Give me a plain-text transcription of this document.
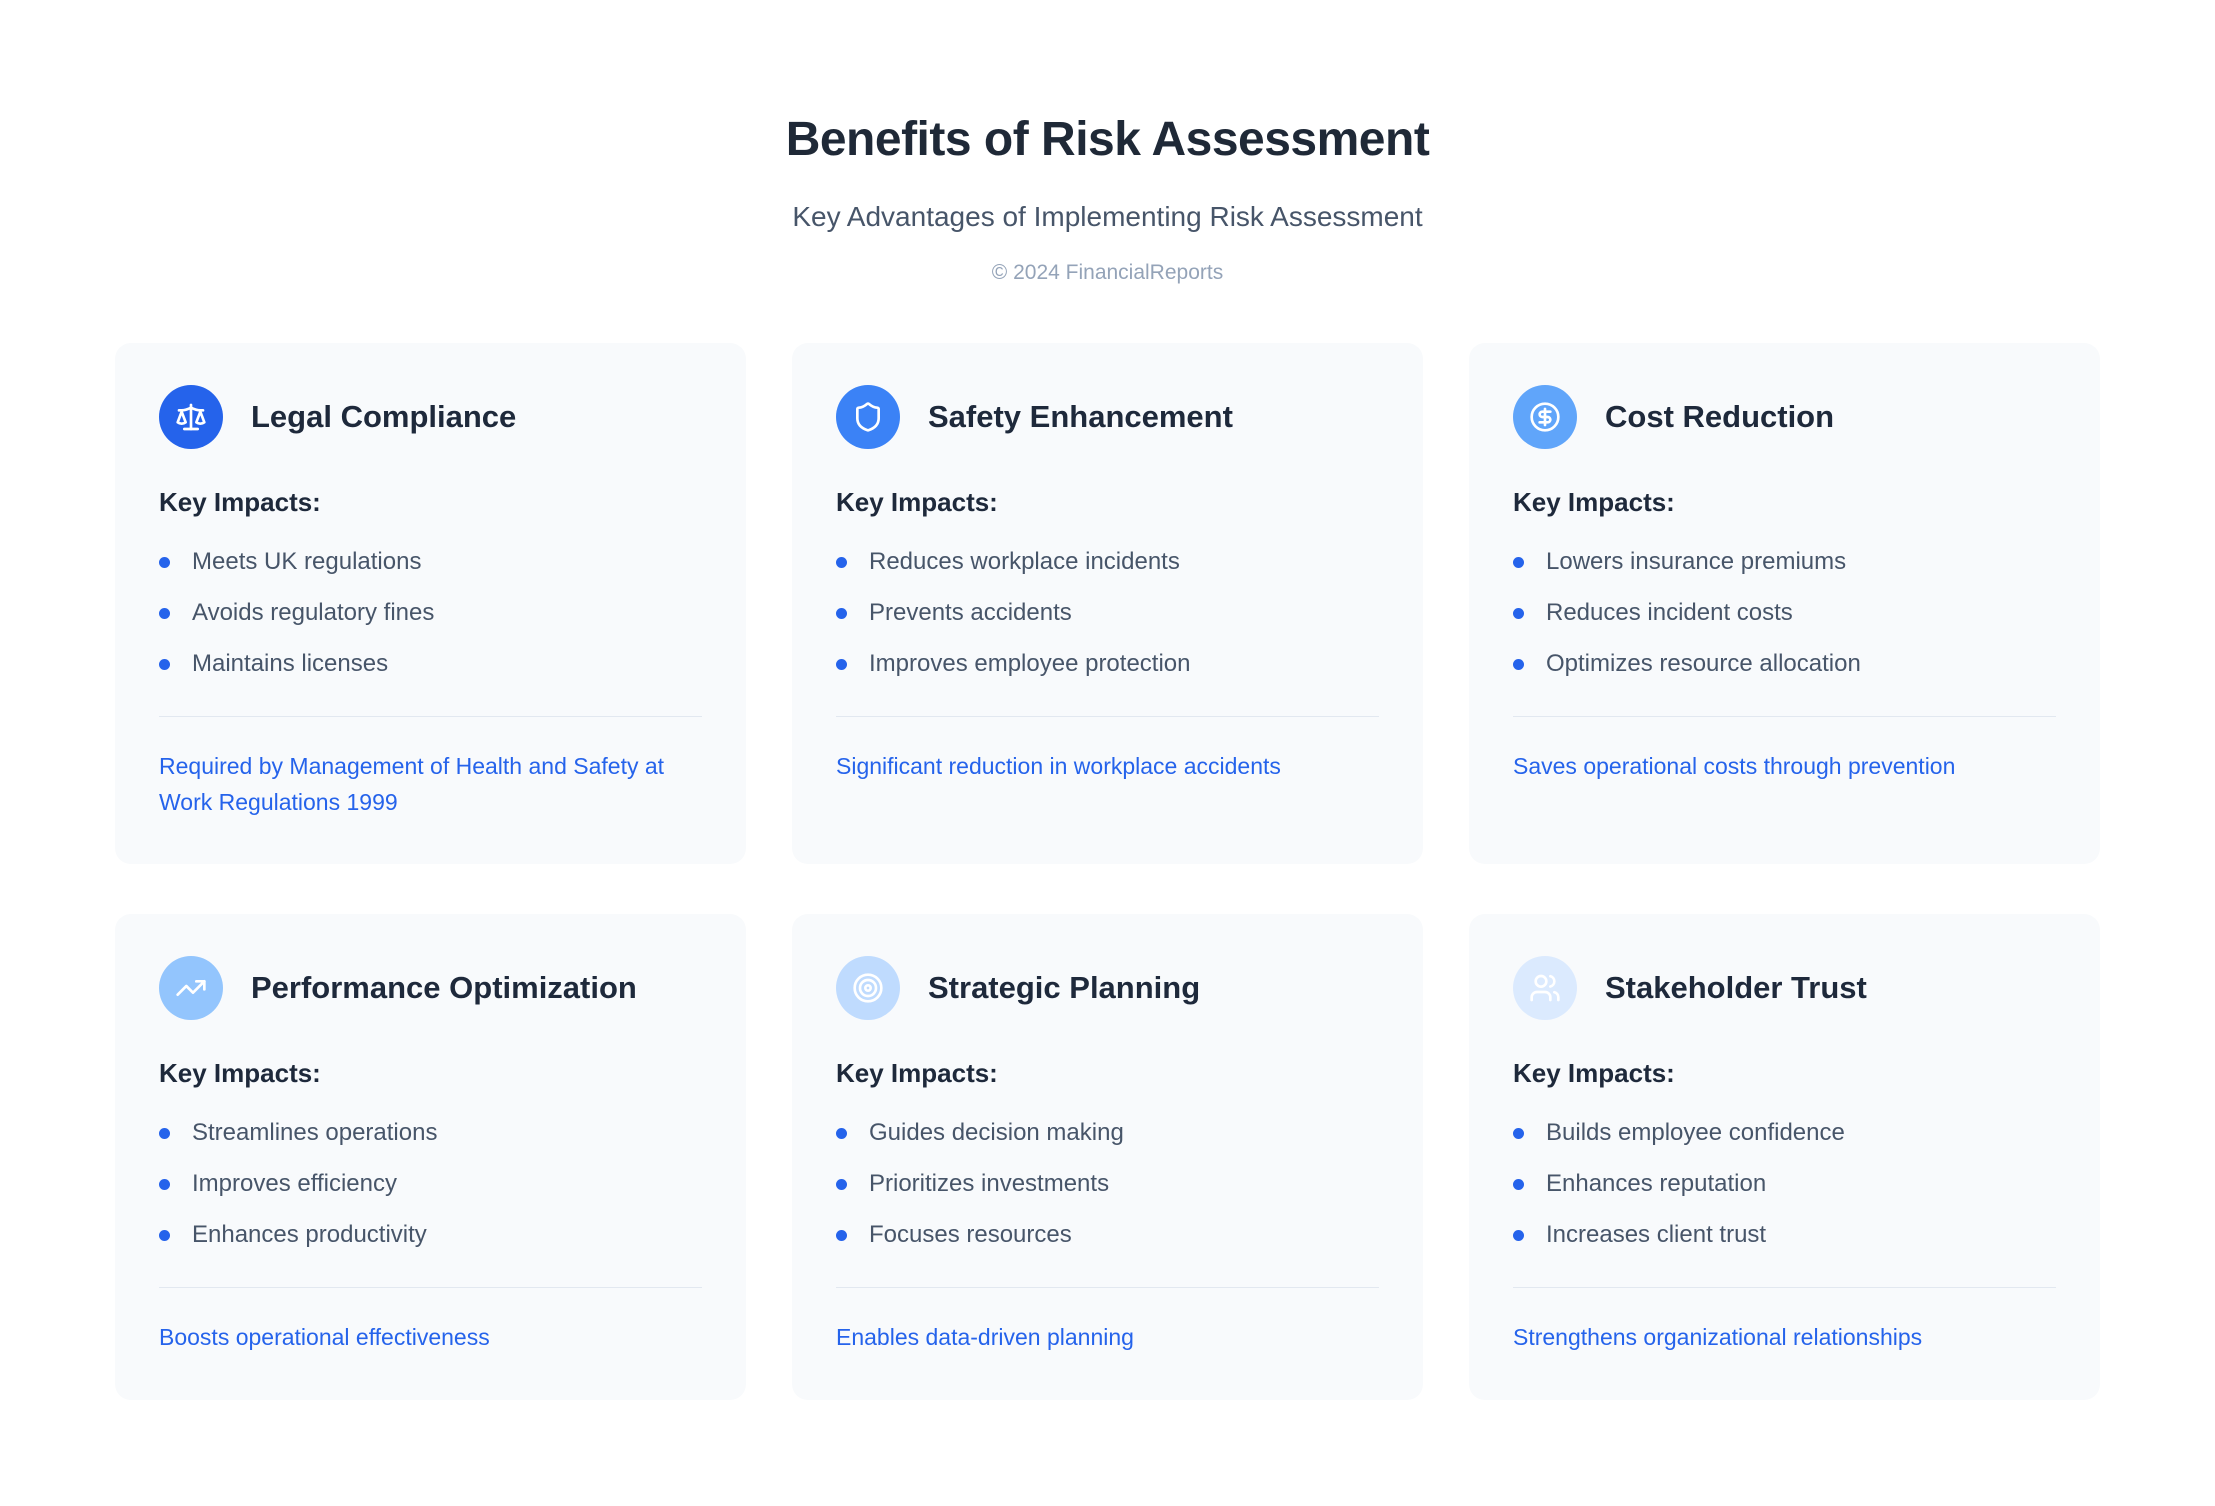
Benefits of Risk Assessment
Key Advantages of Implementing Risk Assessment
© 2024 FinancialReports
Legal Compliance
Key Impacts:
Meets UK regulations
Avoids regulatory fines
Maintains licenses

Required by Management of Health and Safety at Work Regulations 1999

Safety Enhancement
Key Impacts:
Reduces workplace incidents
Prevents accidents
Improves employee protection

Significant reduction in workplace accidents

Cost Reduction
Key Impacts:
Lowers insurance premiums
Reduces incident costs
Optimizes resource allocation

Saves operational costs through prevention

Performance Optimization
Key Impacts:
Streamlines operations
Improves efficiency
Enhances productivity

Boosts operational effectiveness

Strategic Planning
Key Impacts:
Guides decision making
Prioritizes investments
Focuses resources

Enables data-driven planning

Stakeholder Trust
Key Impacts:
Builds employee confidence
Enhances reputation
Increases client trust

Strengthens organizational relationships
